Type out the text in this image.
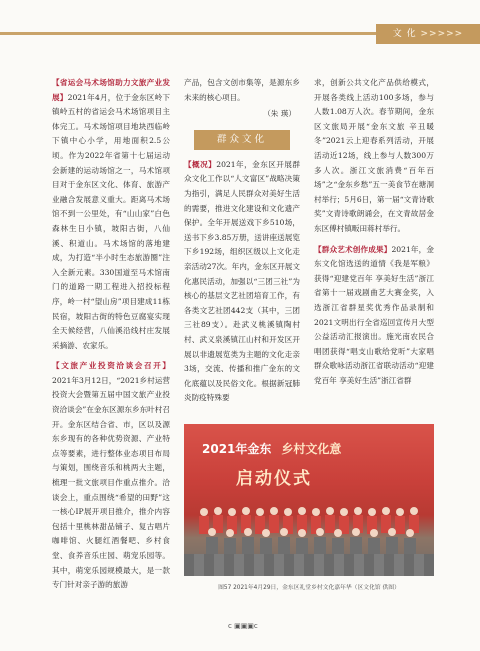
文 化 >>>>>

【省运会马术场馆助力文旅产业发展】2021年4月，位于金东区岭下镇岭五村的省运会马术场馆项目主体完工。马术场馆项目地块西临岭下镇中心小学，用地面积2.5公顷。作为2022年省第十七届运动会新建的运动场馆之一，马术馆项目对于金东区文化、体育、旅游产业融合发展意义重大。距离马术场馆不到一公里处，有“山山家”白色森林生日小镇，坡阳古街，八仙溪、积道山。马术场馆的落地建成，为打造“半小时生态旅游圈”注入全新元素。330国道至马术馆南门的道路一期工程进入招投标程序，岭一村“望山房”项目建成11栋民宿，坡阳古街的特色豆腐宴实现全天候经营，八仙溪沿线村庄发展采摘游、农家乐。

【文旅产业投资洽谈会召开】2021年3月12日，“2021乡村运营投资大会暨第五届中国文旅产业投资洽谈会”在金东区源东乡东叶村召开。金东区结合省、市，区以及源东乡现有的各种优势资源、产业特点等要素，进行整体业态项目布局与策划，围绕音乐和桃两大主题，梳理一批文旅项目作重点推介。洽谈会上，重点围绕“希望的田野”这一核心IP展开项目推介，推介内容包括十里桃林甜品铺子、复古唱片咖啡馆、火腿红酒餐吧、乡村食堂、食养音乐庄园、萌宠乐园等。其中，萌宠乐园规模最大，是一款专门针对亲子游的旅游

产品，包含文创市集等，是源东乡未来的核心项目。

（朱 瑛）

群众文化

【概况】2021年，金东区开展群众文化工作以“人文富区”战略决策为指引，满足人民群众对美好生活的需要，推进文化建设和文化遗产保护。全年开展送戏下乡510场，送书下乡3.85万册，送讲座送展览下乡192场，组织区级以上文化走亲活动27次。年内，金东区开展文化惠民活动，加强以“三团三社”为核心的基层文艺社团培育工作，有各类文艺社团442支（其中，三团三社89支）。赴武义桃溪镇陶村村、武义泉溪镇江山村和开发区开展以非遗展览类为主题的文化走亲3场，交流、传播和推广金东的文化底蕴以及民俗文化。根据新冠肺炎防疫特殊要

求，创新公共文化产品供给模式，开展各类线上活动100多场，参与人数1.08万人次。春节期间，金东区文旅局开展“金东文旅 辛丑暖冬”2021云上迎春系列活动，开展活动近12场，线上参与人数300万多人次。浙江文旅消费“百年百场”之“金东乡愁”五一美食节在塘洞村举行；5月6日，第一届“文青诗歌奖”文青诗歌朗诵会，在文青故居金东区傅村镇畈田蒋村举行。

【群众艺术创作成果】2021年，金东文化馆选送的道情《我是军粮》获得“迎建党百年 享美好生活”浙江省第十一届戏剧曲艺大赛金奖，入选浙江省群星奖优秀作品录制和2021文明出行全省巡回宣传月大型公益活动汇报演出。施光南农民合唱团获得“唱支山歌给党听”大家唱群众歌咏活动浙江省联动活动“迎建党百年 享美好生活”浙江省群

2021年金东 乡村文化意
启动仪式
图57 2021年4月29日，金东区礼堂乡村文化嘉年华（区文化馆 供图）
c ▣▣▣c
